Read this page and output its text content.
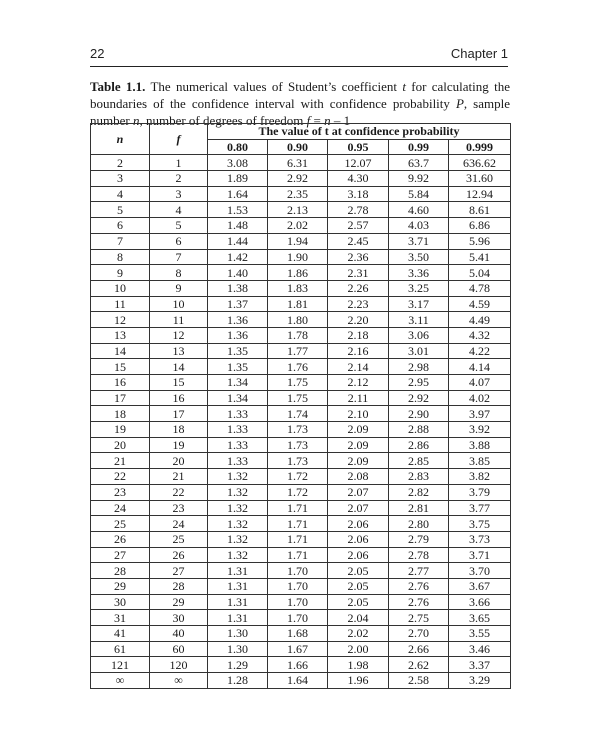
22	Chapter 1
Table 1.1. The numerical values of Student’s coefficient t for calculating the boundaries of the confidence interval with confidence probability P, sample number n, number of degrees of freedom f = n – 1
n	f	The value of t at confidence probability				
		0.80	0.90	0.95	0.99	0.999
2	1	3.08	6.31	12.07	63.7	636.62
3	2	1.89	2.92	4.30	9.92	31.60
4	3	1.64	2.35	3.18	5.84	12.94
5	4	1.53	2.13	2.78	4.60	8.61
6	5	1.48	2.02	2.57	4.03	6.86
7	6	1.44	1.94	2.45	3.71	5.96
8	7	1.42	1.90	2.36	3.50	5.41
9	8	1.40	1.86	2.31	3.36	5.04
10	9	1.38	1.83	2.26	3.25	4.78
11	10	1.37	1.81	2.23	3.17	4.59
12	11	1.36	1.80	2.20	3.11	4.49
13	12	1.36	1.78	2.18	3.06	4.32
14	13	1.35	1.77	2.16	3.01	4.22
15	14	1.35	1.76	2.14	2.98	4.14
16	15	1.34	1.75	2.12	2.95	4.07
17	16	1.34	1.75	2.11	2.92	4.02
18	17	1.33	1.74	2.10	2.90	3.97
19	18	1.33	1.73	2.09	2.88	3.92
20	19	1.33	1.73	2.09	2.86	3.88
21	20	1.33	1.73	2.09	2.85	3.85
22	21	1.32	1.72	2.08	2.83	3.82
23	22	1.32	1.72	2.07	2.82	3.79
24	23	1.32	1.71	2.07	2.81	3.77
25	24	1.32	1.71	2.06	2.80	3.75
26	25	1.32	1.71	2.06	2.79	3.73
27	26	1.32	1.71	2.06	2.78	3.71
28	27	1.31	1.70	2.05	2.77	3.70
29	28	1.31	1.70	2.05	2.76	3.67
30	29	1.31	1.70	2.05	2.76	3.66
31	30	1.31	1.70	2.04	2.75	3.65
41	40	1.30	1.68	2.02	2.70	3.55
61	60	1.30	1.67	2.00	2.66	3.46
121	120	1.29	1.66	1.98	2.62	3.37
∞	∞	1.28	1.64	1.96	2.58	3.29
